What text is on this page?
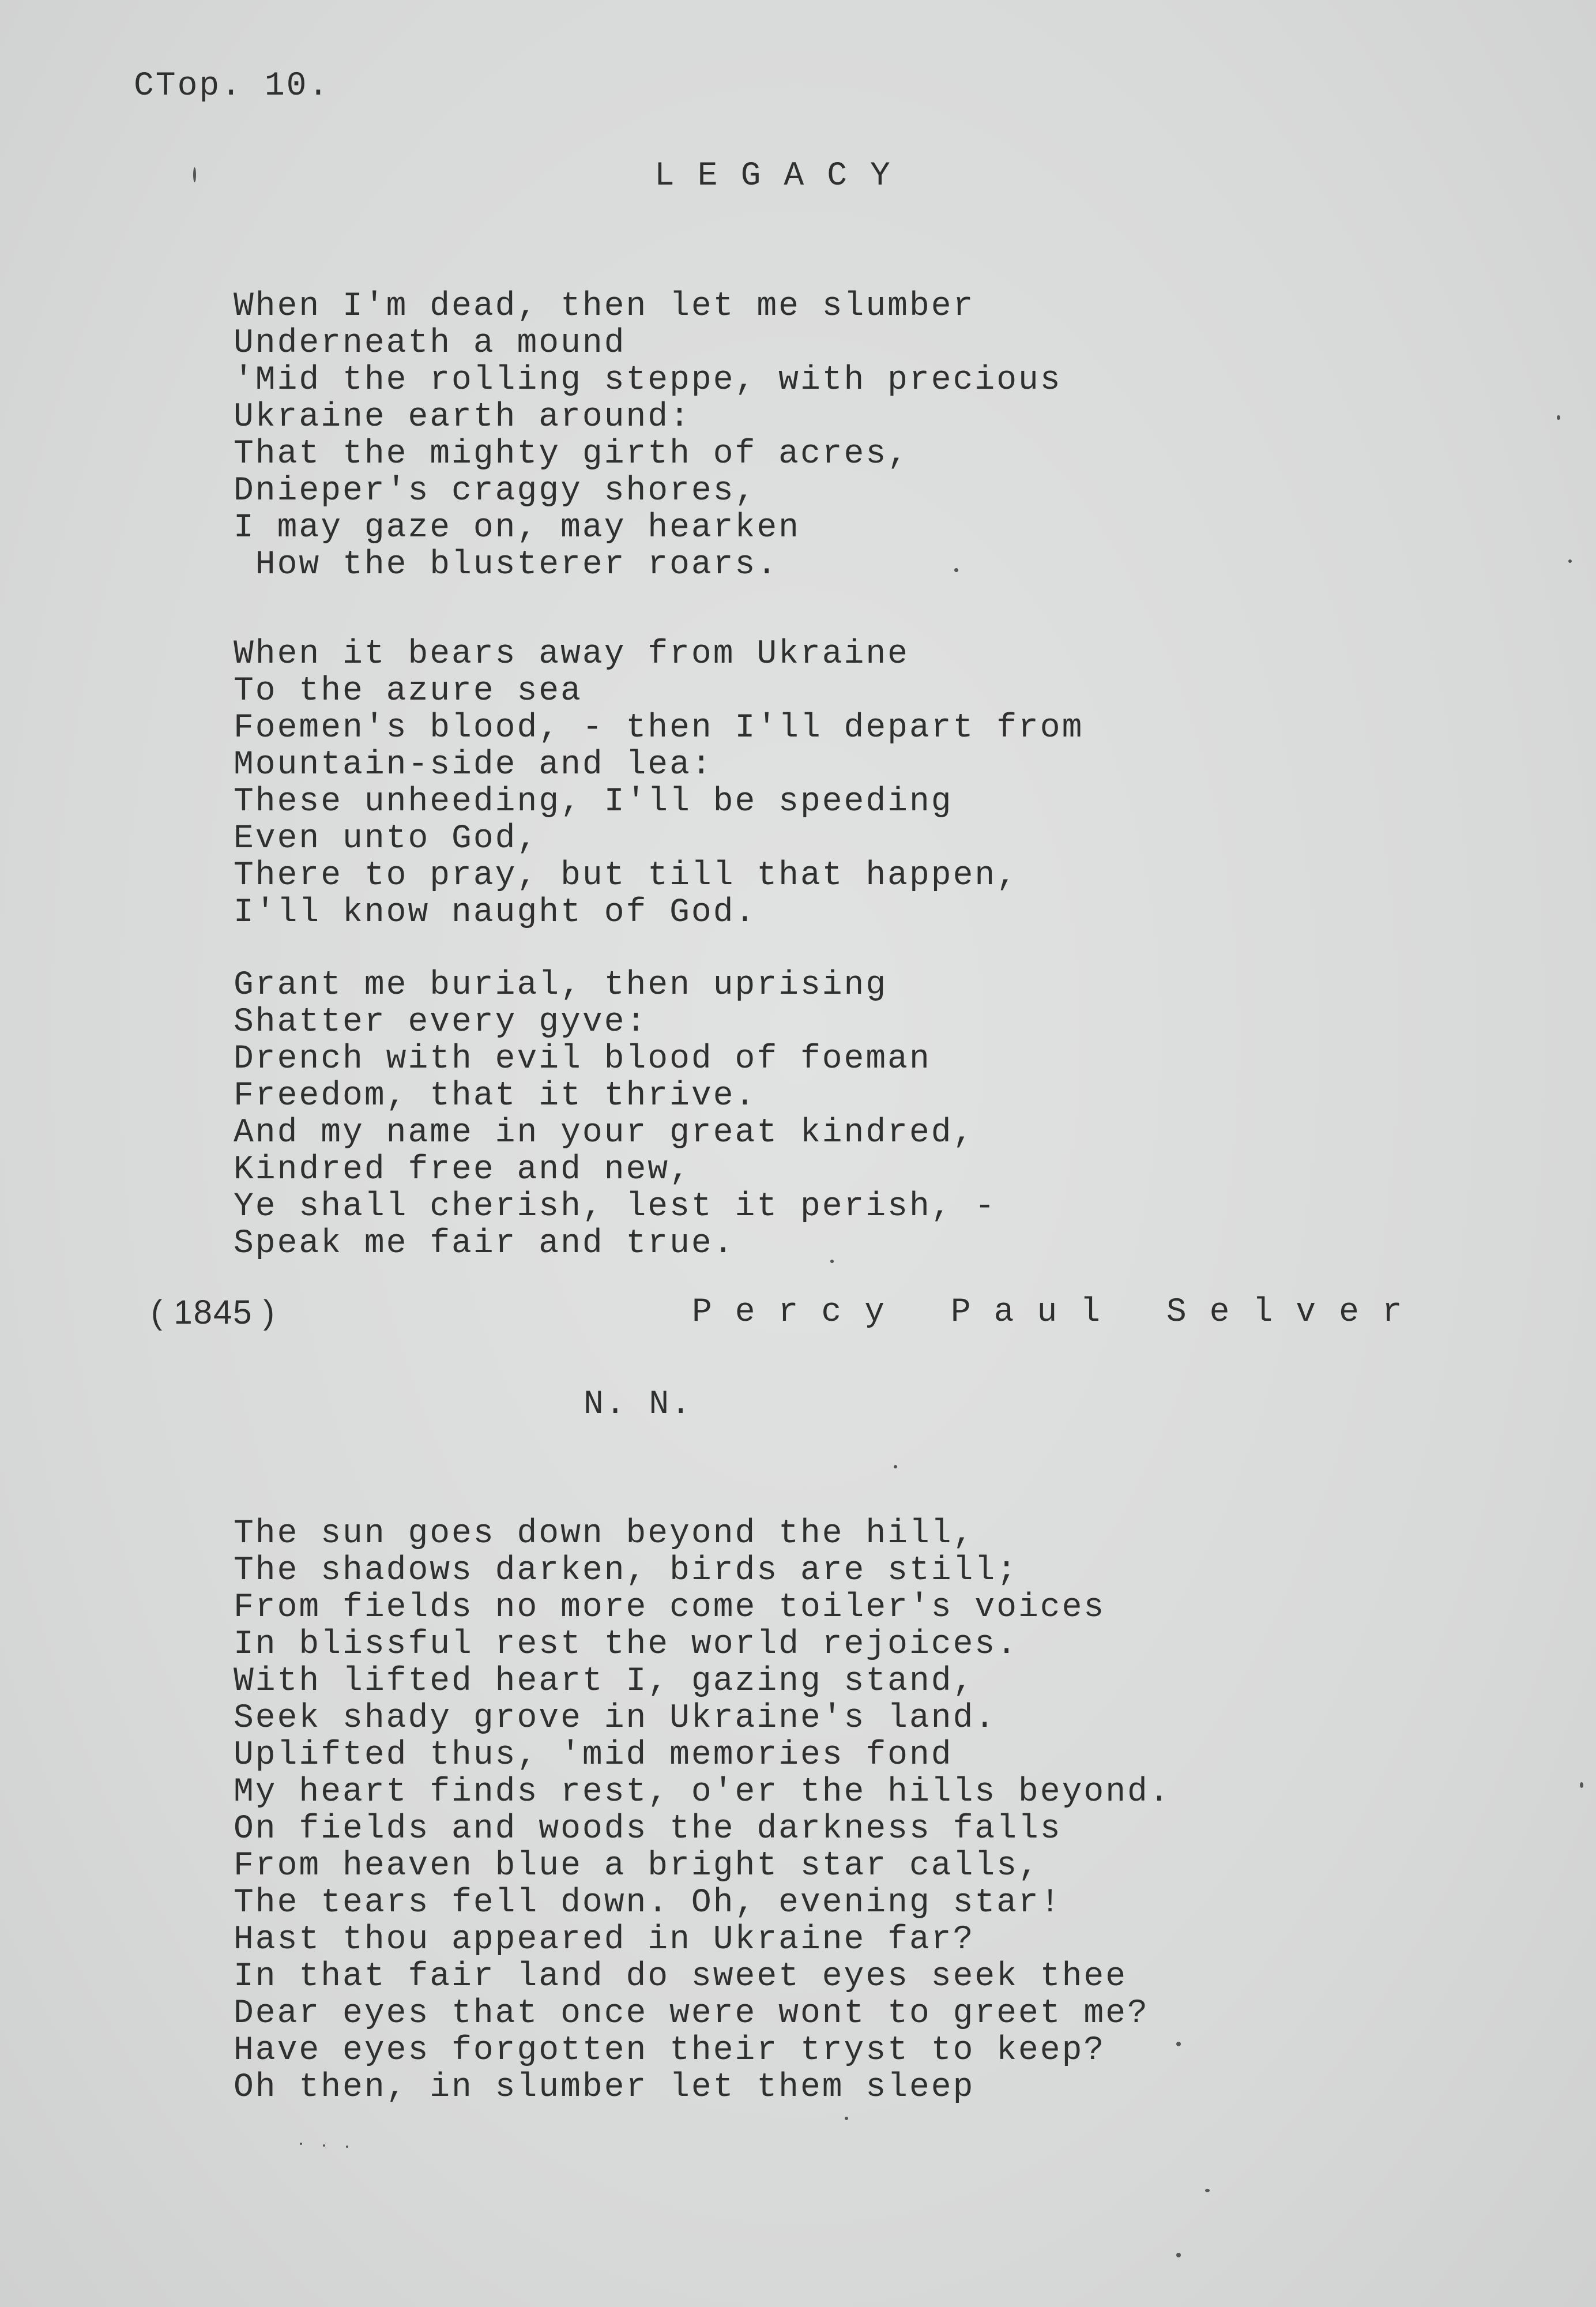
CTop. 10.
LEGACY
When I'm dead, then let me slumber
Underneath a mound
'Mid the rolling steppe, with precious
Ukraine earth around:
That the mighty girth of acres,
Dnieper's craggy shores,
I may gaze on, may hearken
How the blusterer roars.
When it bears away from Ukraine
To the azure sea
Foemen's blood, - then I'll depart from
Mountain-side and lea:
These unheeding, I'll be speeding
Even unto God,
There to pray, but till that happen,
I'll know naught of God.
Grant me burial, then uprising
Shatter every gyve:
Drench with evil blood of foeman
Freedom, that it thrive.
And my name in your great kindred,
Kindred free and new,
Ye shall cherish, lest it perish, -
Speak me fair and true.
( 1845 )	Percy Paul Selver
N. N.
The sun goes down beyond the hill,
The shadows darken, birds are still;
From fields no more come toiler's voices
In blissful rest the world rejoices.
With lifted heart I, gazing stand,
Seek shady grove in Ukraine's land.
Uplifted thus, 'mid memories fond
My heart finds rest, o'er the hills beyond.
On fields and woods the darkness falls
From heaven blue a bright star calls,
The tears fell down. Oh, evening star!
Hast thou appeared in Ukraine far?
In that fair land do sweet eyes seek thee
Dear eyes that once were wont to greet me?
Have eyes forgotten their tryst to keep?
Oh then, in slumber let them sleep
